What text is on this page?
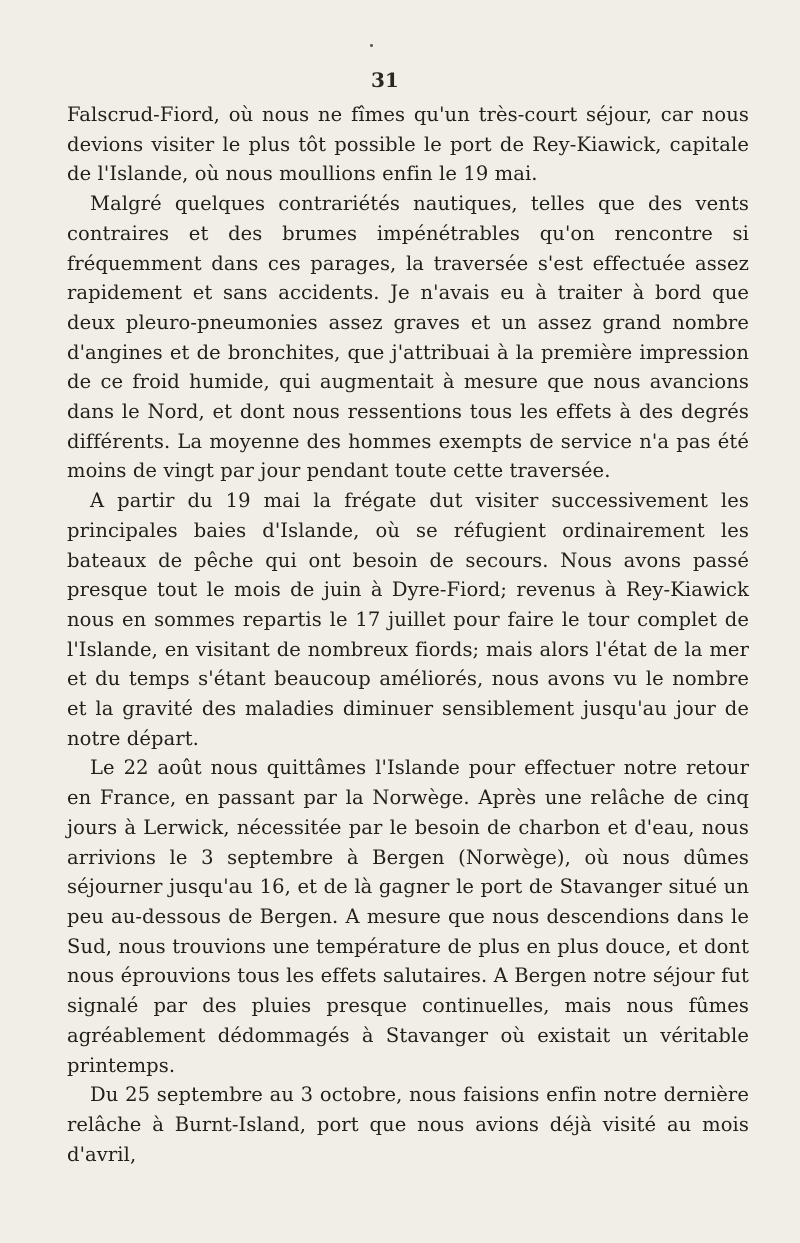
31

Falscrud-Fiord, où nous ne fîmes qu'un très-court séjour, car nous devions visiter le plus tôt possible le port de Rey-Kiawick, capitale de l'Islande, où nous moullions enfin le 19 mai.

Malgré quelques contrariétés nautiques, telles que des vents contraires et des brumes impénétrables qu'on rencontre si fréquemment dans ces parages, la traversée s'est effectuée assez rapidement et sans accidents. Je n'avais eu à traiter à bord que deux pleuro-pneumonies assez graves et un assez grand nombre d'angines et de bronchites, que j'attribuai à la première impression de ce froid humide, qui augmentait à mesure que nous avancions dans le Nord, et dont nous ressentions tous les effets à des degrés différents. La moyenne des hommes exempts de service n'a pas été moins de vingt par jour pendant toute cette traversée.

A partir du 19 mai la frégate dut visiter successivement les principales baies d'Islande, où se réfugient ordinairement les bateaux de pêche qui ont besoin de secours. Nous avons passé presque tout le mois de juin à Dyre-Fiord; revenus à Rey-Kiawick nous en sommes repartis le 17 juillet pour faire le tour complet de l'Islande, en visitant de nombreux fiords; mais alors l'état de la mer et du temps s'étant beaucoup améliorés, nous avons vu le nombre et la gravité des maladies diminuer sensiblement jusqu'au jour de notre départ.

Le 22 août nous quittâmes l'Islande pour effectuer notre retour en France, en passant par la Norwège. Après une relâche de cinq jours à Lerwick, nécessitée par le besoin de charbon et d'eau, nous arrivions le 3 septembre à Bergen (Norwège), où nous dûmes séjourner jusqu'au 16, et de là gagner le port de Stavanger situé un peu au-dessous de Bergen. A mesure que nous descendions dans le Sud, nous trouvions une température de plus en plus douce, et dont nous éprouvions tous les effets salutaires. A Bergen notre séjour fut signalé par des pluies presque continuelles, mais nous fûmes agréablement dédommagés à Stavanger où existait un véritable printemps.

Du 25 septembre au 3 octobre, nous faisions enfin notre dernière relâche à Burnt-Island, port que nous avions déjà visité au mois d'avril,
